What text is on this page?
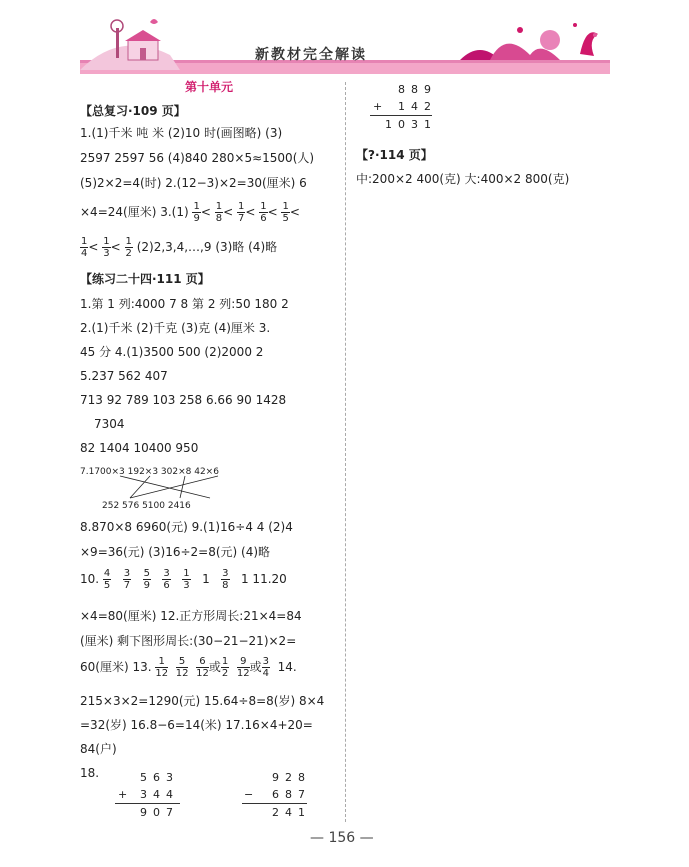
新教材完全解读
第十单元
【总复习·109 页】
1.(1)千米 吨 米 (2)10 时(画图略) (3)
2597 2597 56 (4)840 280×5≈1500(人)
(5)2×2=4(时) 2.(12−3)×2=30(厘米) 6
×4=24(厘米) $3.(1) \frac{1}{9} < \frac{1}{8} < \frac{1}{7} < \frac{1}{6} < \frac{1}{5}$ <
$\frac{1}{4} < \frac{1}{3} < \frac{1}{2}$ (2)2,3,4,…,9 (3)略 (4)略
【练习二十四·111 页】
1.第 1 列:4000 7 8 第 2 列:50 180 2
2.(1)千米 (2)千克 (3)克 (4)厘米 3.
45 分 4.(1)3500 500 (2)2000 2
5.237 562 407
713 92 789 103 258 6.66 90 1428
7304
82 1404 10400 950
7.1700×3 192×3 302×8 42×6
252 576 5100 2416
8.870×8 6960(元) 9.(1)16÷4 4 (2)4
×9=36(元) (3)16÷2=8(元) (4)略
10. $\frac{4}{5}$
$\frac{3}{7}$
$\frac{5}{9}$
$\frac{3}{6}$
$\frac{1}{3} 1 \frac{3}{8} 1$ 11.20
×4=80(厘米) 12.正方形周长:21×4=84
(厘米) 剩下图形周长:(30−21−21)×2=
60(厘米) 13. $\frac{1}{12}$
$\frac{5}{12}$
$\frac{6}{12}$ 或 $\frac{1}{2}$
$\frac{9}{12}$ 或 $\frac{3}{4} 14$.
215×3×2=1290(元) 15.64÷8=8(岁) 8×4
=32(岁) 16.8−6=14(米) 17.16×4+20=
84(户)
18.	563
+ 344
907
928
− 687
241
889
+ 142
1031
【?·114 页】
中:200×2 400(克) 大:400×2 800(克)
— 156 —
